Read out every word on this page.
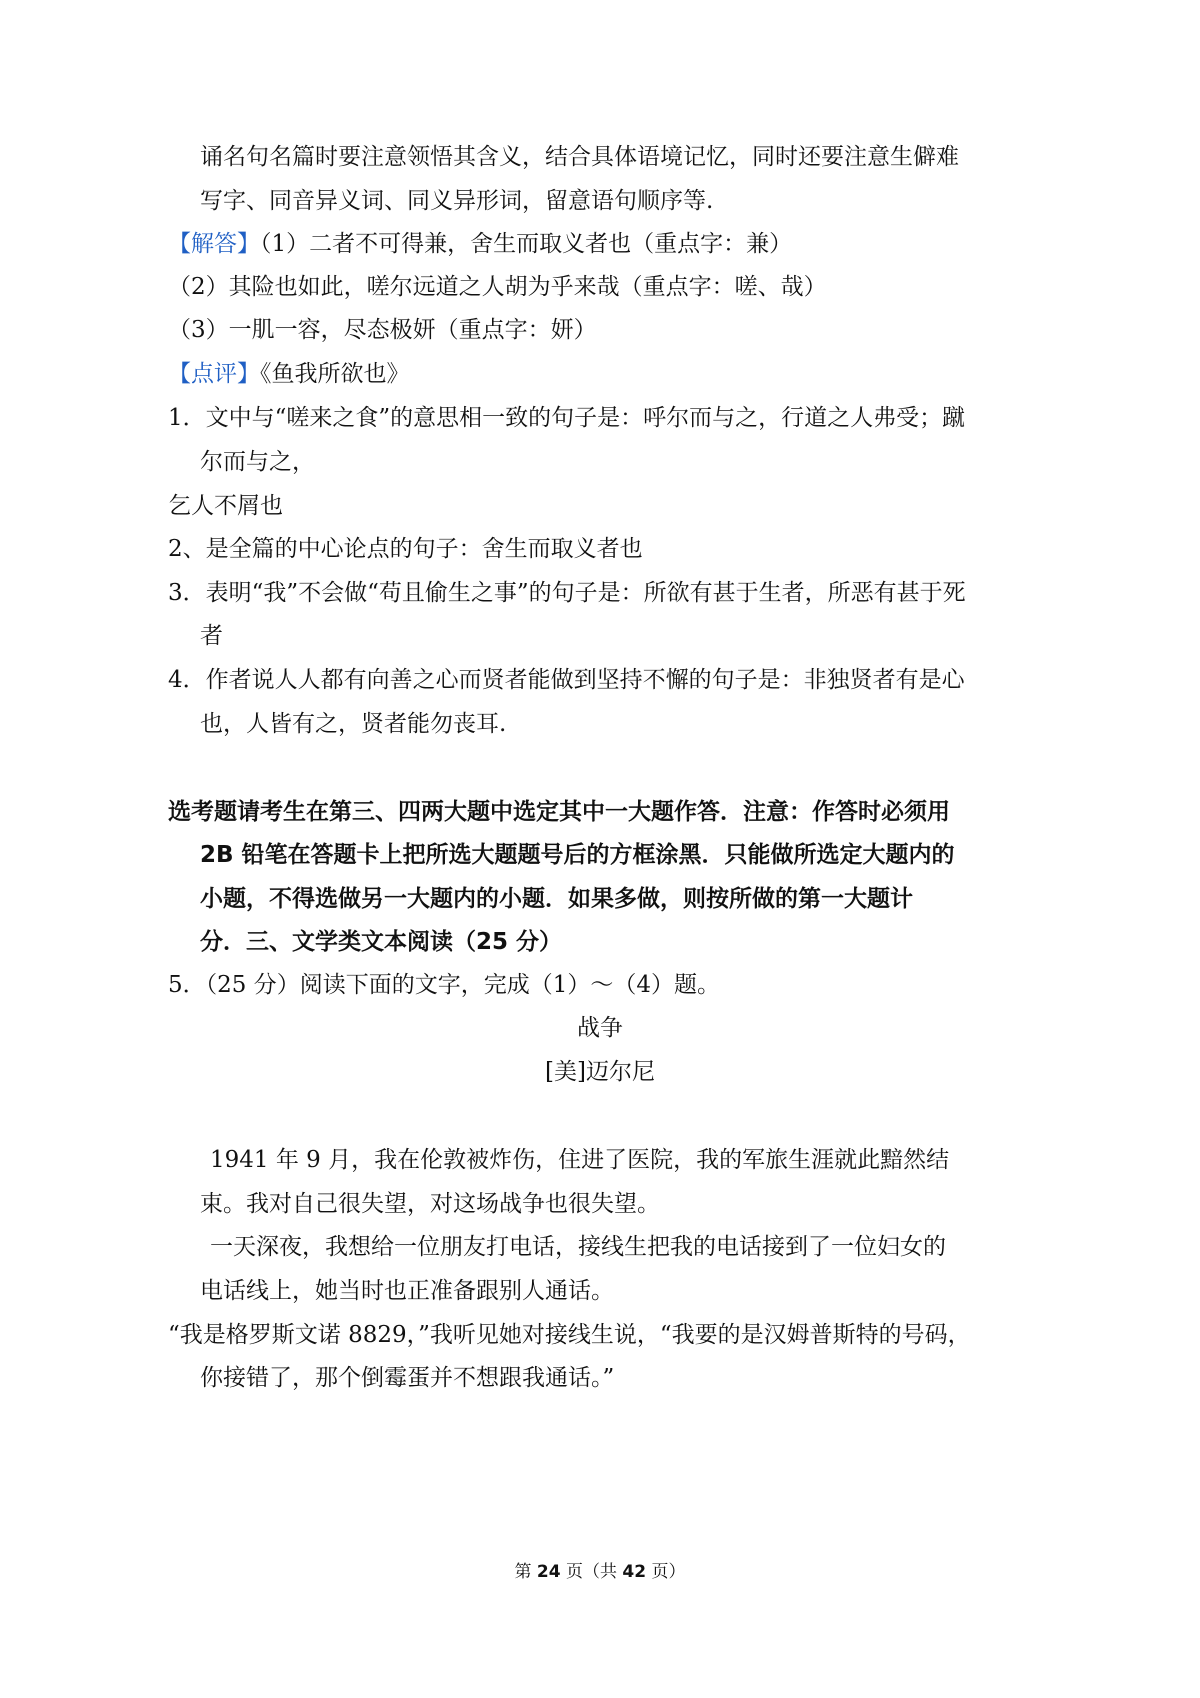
诵名句名篇时要注意领悟其含义，结合具体语境记忆，同时还要注意生僻难
写字、同音异义词、同义异形词，留意语句顺序等.
【解答】（1）二者不可得兼，舍生而取义者也（重点字：兼）
（2）其险也如此，嗟尔远道之人胡为乎来哉（重点字：嗟、哉）
（3）一肌一容，尽态极妍（重点字：妍）
【点评】《鱼我所欲也》
1．文中与“嗟来之食”的意思相一致的句子是：呼尔而与之，行道之人弗受；蹴
尔而与之，
乞人不屑也
2、是全篇的中心论点的句子：舍生而取义者也
3．表明“我”不会做“苟且偷生之事”的句子是：所欲有甚于生者，所恶有甚于死
者
4．作者说人人都有向善之心而贤者能做到坚持不懈的句子是：非独贤者有是心
也，人皆有之，贤者能勿丧耳.
选考题请考生在第三、四两大题中选定其中一大题作答．注意：作答时必须用
2B 铅笔在答题卡上把所选大题题号后的方框涂黑．只能做所选定大题内的
小题，不得选做另一大题内的小题．如果多做，则按所做的第一大题计
分．三、文学类文本阅读（25 分）
5．（25 分）阅读下面的文字，完成（1）～（4）题。
战争
[美]迈尔尼
1941 年 9 月，我在伦敦被炸伤，住进了医院，我的军旅生涯就此黯然结
束。我对自己很失望，对这场战争也很失望。
一天深夜，我想给一位朋友打电话，接线生把我的电话接到了一位妇女的
电话线上，她当时也正准备跟别人通话。
“我是格罗斯文诺 8829，”我听见她对接线生说，“我要的是汉姆普斯特的号码，
你接错了，那个倒霉蛋并不想跟我通话。”
第 24 页（共 42 页）
